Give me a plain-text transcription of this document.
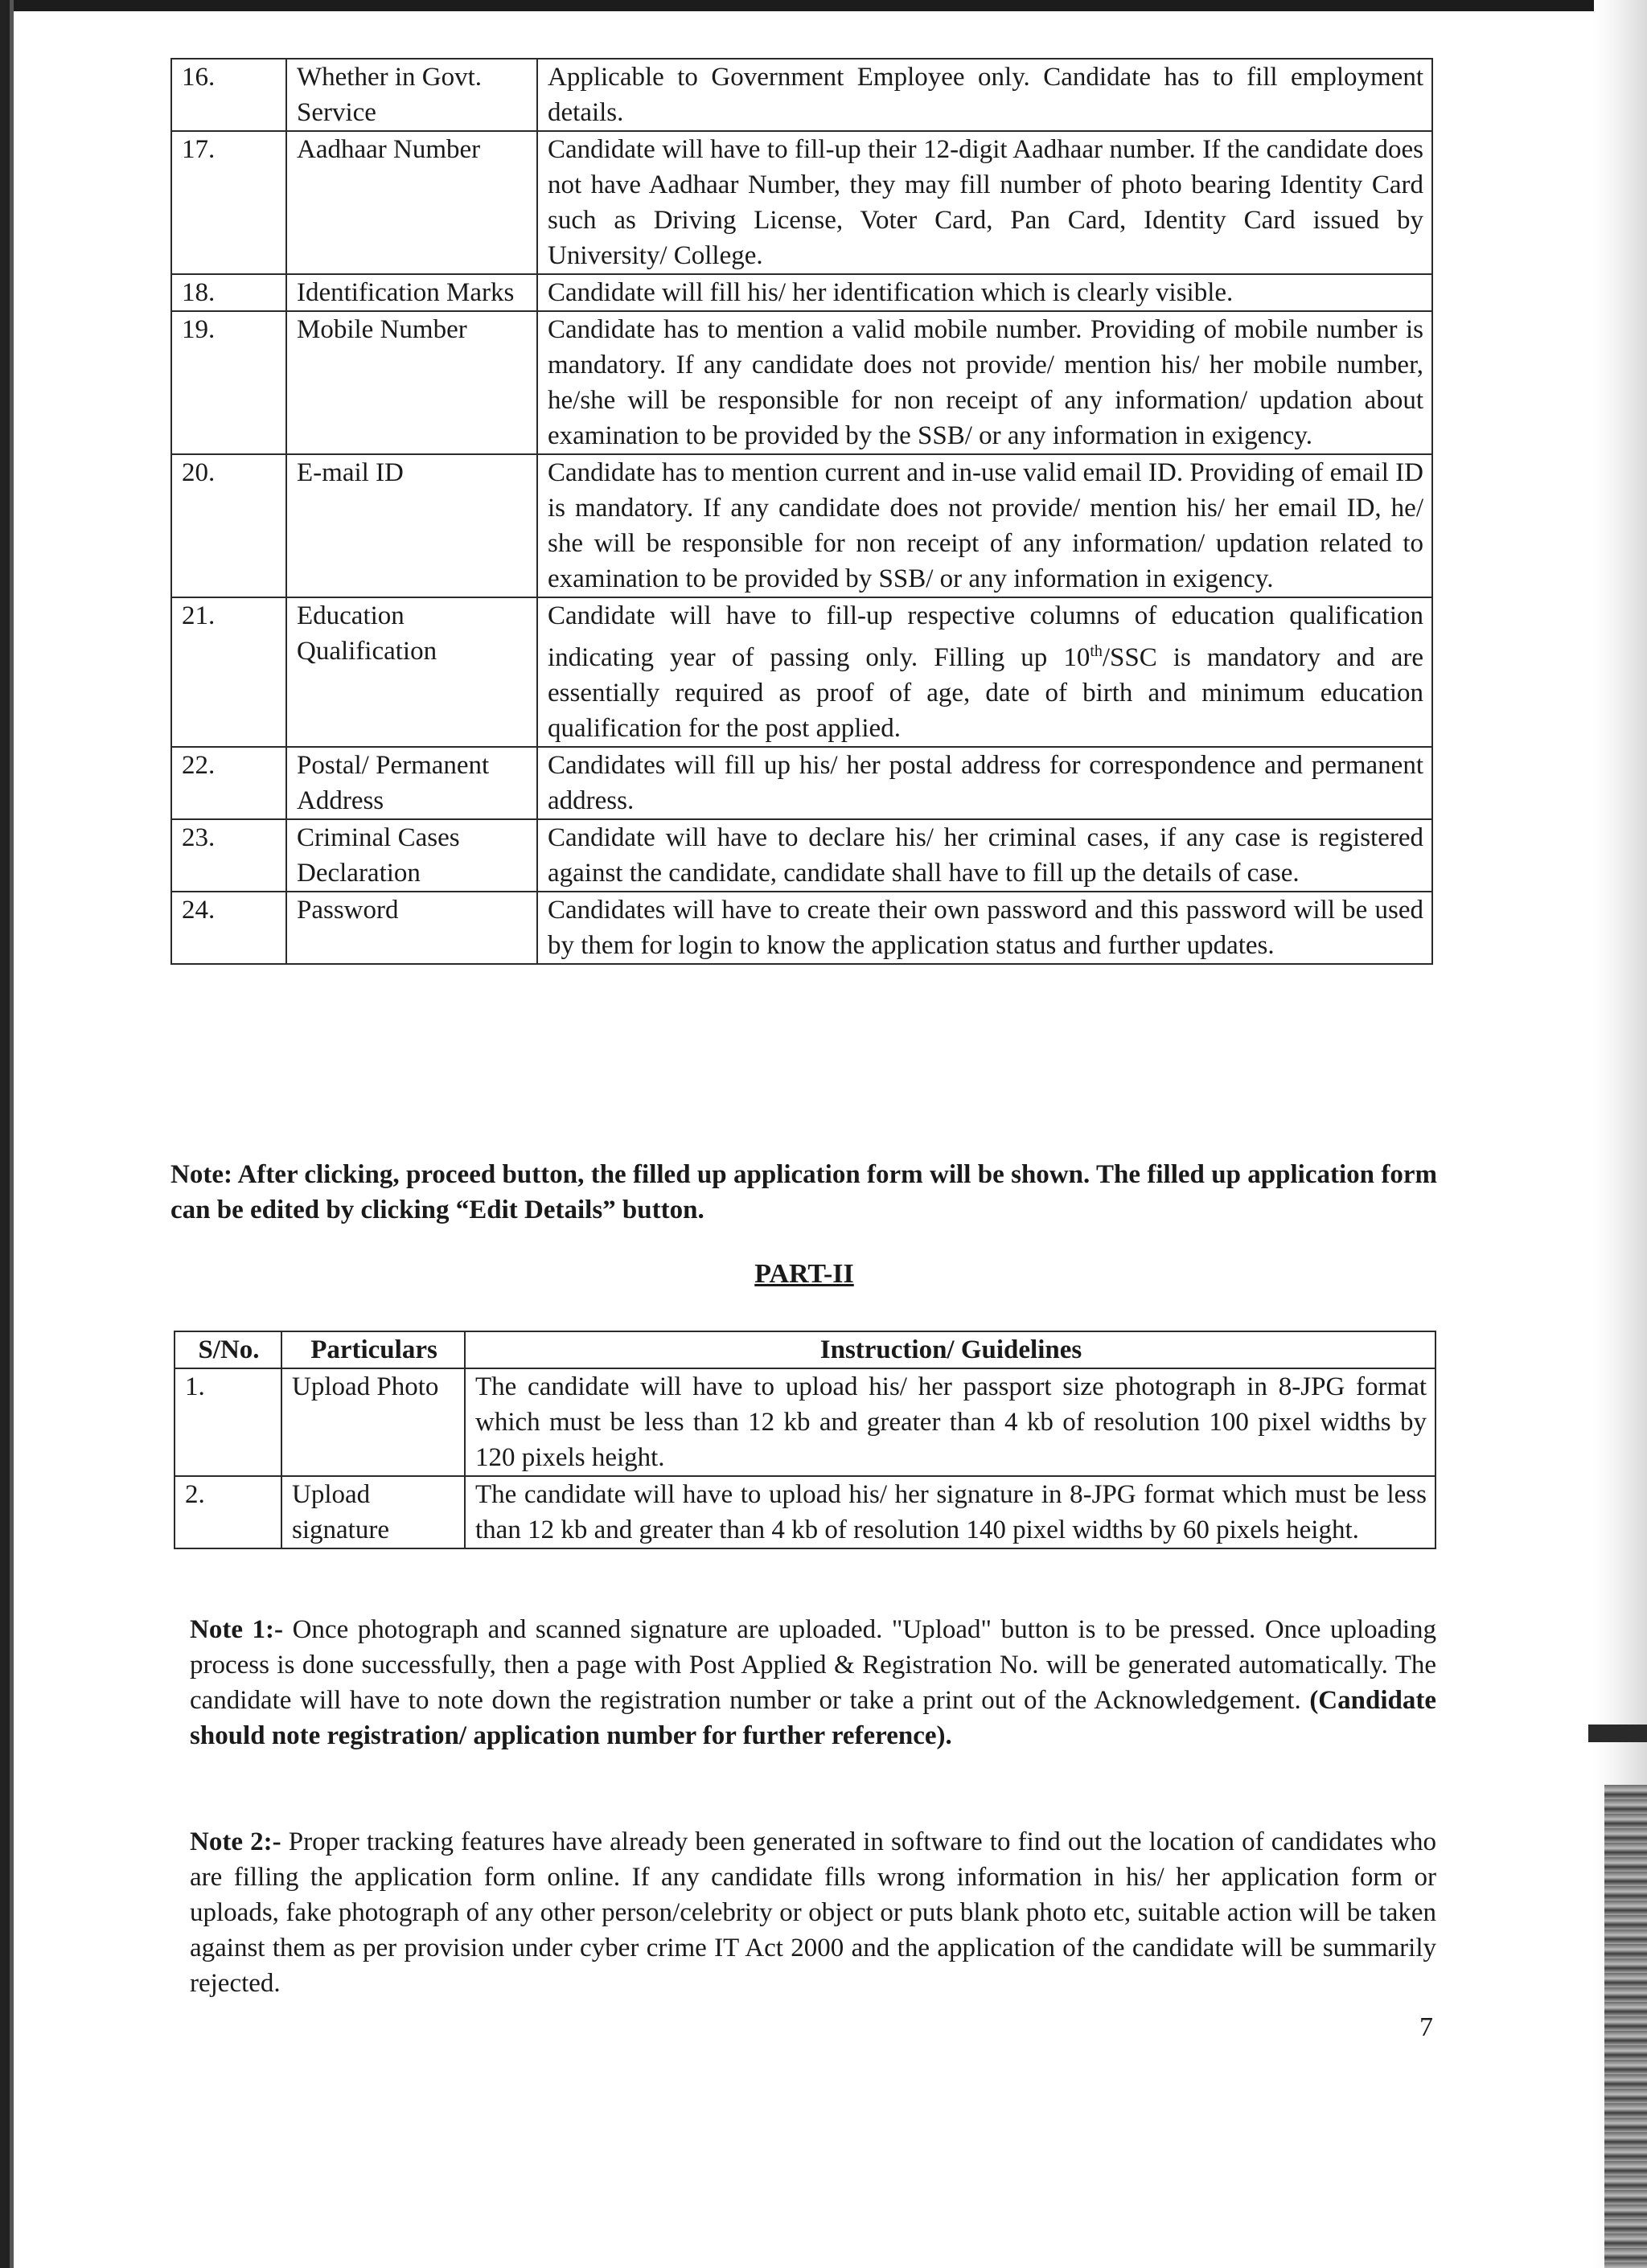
16.	Whether in Govt. Service	Applicable to Government Employee only. Candidate has to fill employment details.
17.	Aadhaar Number	Candidate will have to fill-up their 12-digit Aadhaar number. If the candidate does not have Aadhaar Number, they may fill number of photo bearing Identity Card such as Driving License, Voter Card, Pan Card, Identity Card issued by University/ College.
18.	Identification Marks	Candidate will fill his/ her identification which is clearly visible.
19.	Mobile Number	Candidate has to mention a valid mobile number. Providing of mobile number is mandatory. If any candidate does not provide/ mention his/ her mobile number, he/she will be responsible for non receipt of any information/ updation about examination to be provided by the SSB/ or any information in exigency.
20.	E-mail ID	Candidate has to mention current and in-use valid email ID. Providing of email ID is mandatory. If any candidate does not provide/ mention his/ her email ID, he/ she will be responsible for non receipt of any information/ updation related to examination to be provided by SSB/ or any information in exigency.
21.	Education Qualification	Candidate will have to fill-up respective columns of education qualification indicating year of passing only. Filling up 10th/SSC is mandatory and are essentially required as proof of age, date of birth and minimum education qualification for the post applied.
22.	Postal/ Permanent Address	Candidates will fill up his/ her postal address for correspondence and permanent address.
23.	Criminal Cases Declaration	Candidate will have to declare his/ her criminal cases, if any case is registered against the candidate, candidate shall have to fill up the details of case.
24.	Password	Candidates will have to create their own password and this password will be used by them for login to know the application status and further updates.
Note: After clicking, proceed button, the filled up application form will be shown. The filled up application form can be edited by clicking “Edit Details” button.
PART-II
S/No.	Particulars	Instruction/ Guidelines
1.	Upload Photo	The candidate will have to upload his/ her passport size photograph in 8-JPG format which must be less than 12 kb and greater than 4 kb of resolution 100 pixel widths by 120 pixels height.
2.	Upload signature	The candidate will have to upload his/ her signature in 8-JPG format which must be less than 12 kb and greater than 4 kb of resolution 140 pixel widths by 60 pixels height.
Note 1:- Once photograph and scanned signature are uploaded. "Upload" button is to be pressed. Once uploading process is done successfully, then a page with Post Applied & Registration No. will be generated automatically. The candidate will have to note down the registration number or take a print out of the Acknowledgement. (Candidate should note registration/ application number for further reference).
Note 2:- Proper tracking features have already been generated in software to find out the location of candidates who are filling the application form online. If any candidate fills wrong information in his/ her application form or uploads, fake photograph of any other person/celebrity or object or puts blank photo etc, suitable action will be taken against them as per provision under cyber crime IT Act 2000 and the application of the candidate will be summarily rejected.
7
